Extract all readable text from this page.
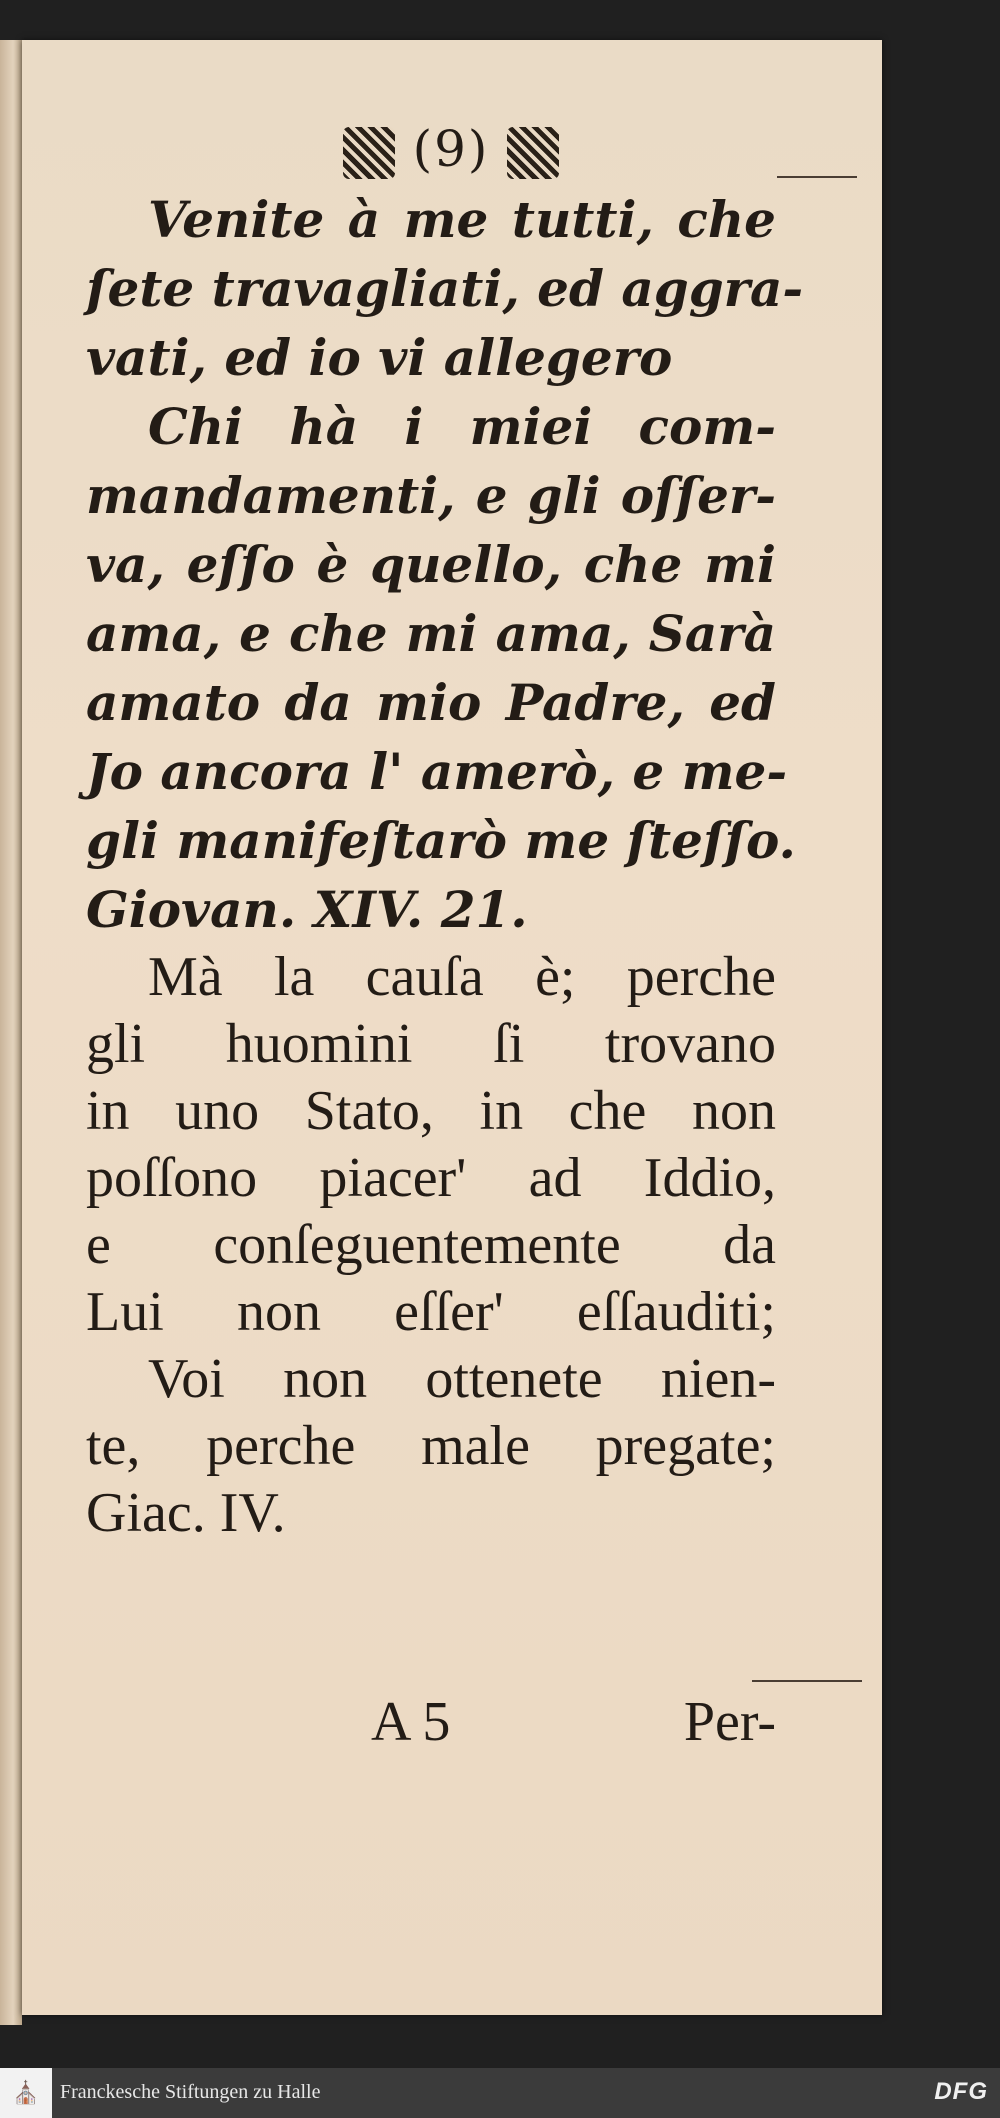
(9)
Venite à me tutti, che
ſete travagliati, ed aggra-
vati, ed io vi allegero
Chi hà i miei com-
mandamenti, e gli oſſer-
va, eſſo è quello, che mi
ama, e che mi ama, Sarà
amato da mio Padre, ed
Jo ancora l' amerò, e me-
gli manifeſtarò me ſteſſo.
Giovan. XIV. 21.
Mà la cauſa è; perche
gli huomini ſi trovano
in uno Stato, in che non
poſſono piacer' ad Iddio,
e conſeguentemente da
Lui non eſſer' eſſauditi;
Voi non ottenete nien-
te, perche male pregate;
Giac. IV.
A 5	Per-
⛪	Franckesche Stiftungen zu Halle	DFG
